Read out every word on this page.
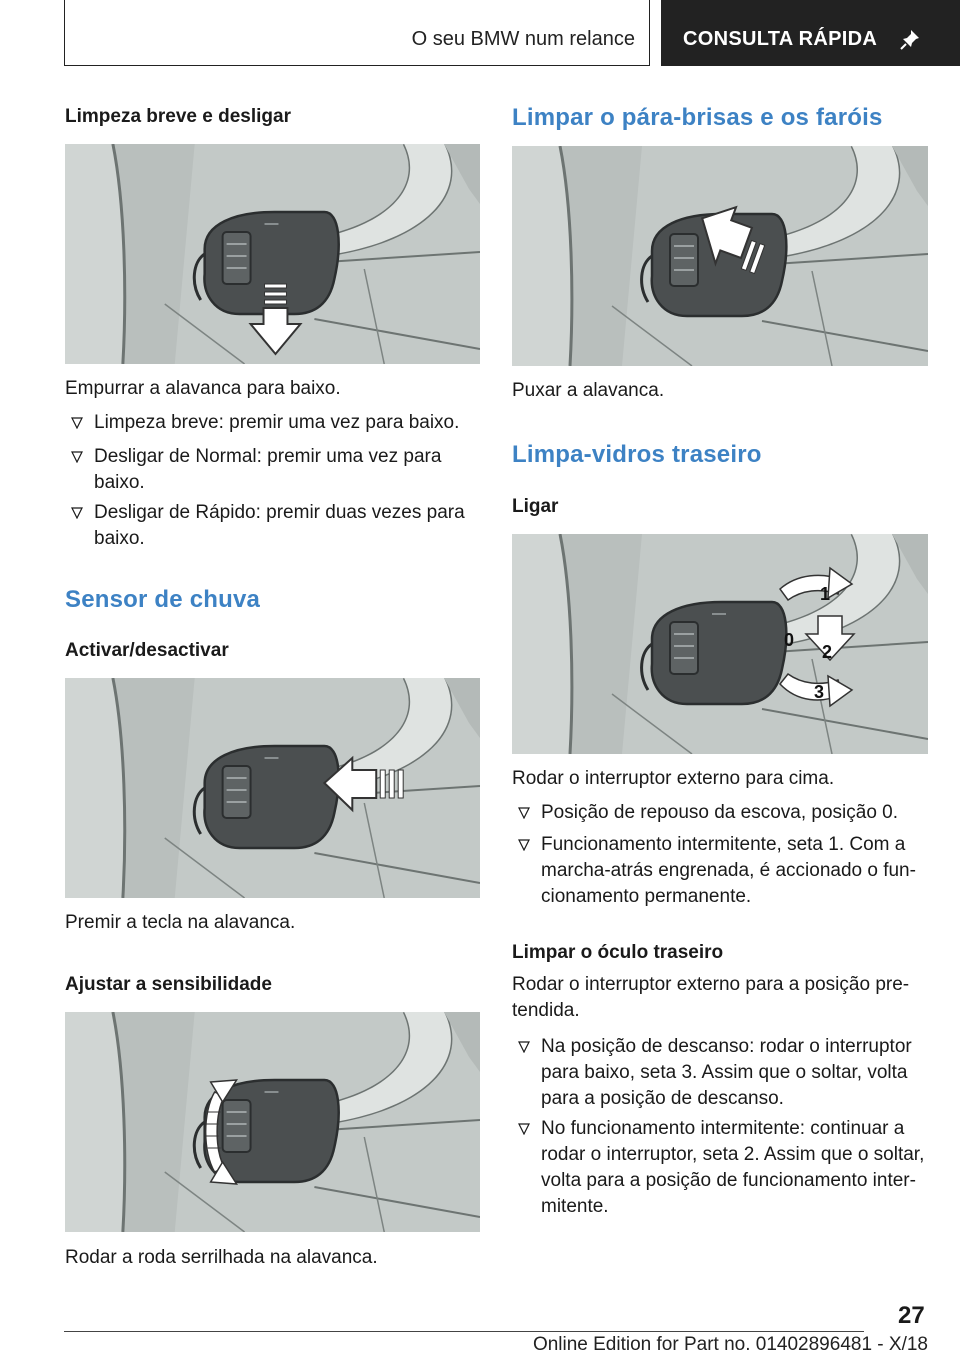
O seu BMW num relance CONSULTA RÁPIDA
Limpeza breve e desligar
Empurrar a alavanca para baixo.
Limpeza breve: premir uma vez para baixo.
Desligar de Normal: premir uma vez para baixo.
Desligar de Rápido: premir duas vezes para baixo.
Sensor de chuva
Activar/desactivar
Premir a tecla na alavanca.
Ajustar a sensibilidade
Rodar a roda serrilhada na alavanca.
Limpar o pára-brisas e os faróis
Puxar a alavanca.
Limpa-vidros traseiro
Ligar
1
0
2
3
Rodar o interruptor externo para cima.
Posição de repouso da escova, posição 0.
Funcionamento intermitente, seta 1. Com a marcha-atrás engrenada, é accionado o fun-cionamento permanente.
Limpar o óculo traseiro
Rodar o interruptor externo para a posição pre-tendida.
Na posição de descanso: rodar o interruptor para baixo, seta 3. Assim que o soltar, volta para a posição de descanso.
No funcionamento intermitente: continuar a rodar o interruptor, seta 2. Assim que o soltar, volta para a posição de funcionamento inter-mitente.
27
Online Edition for Part no. 01402896481 - X/18
